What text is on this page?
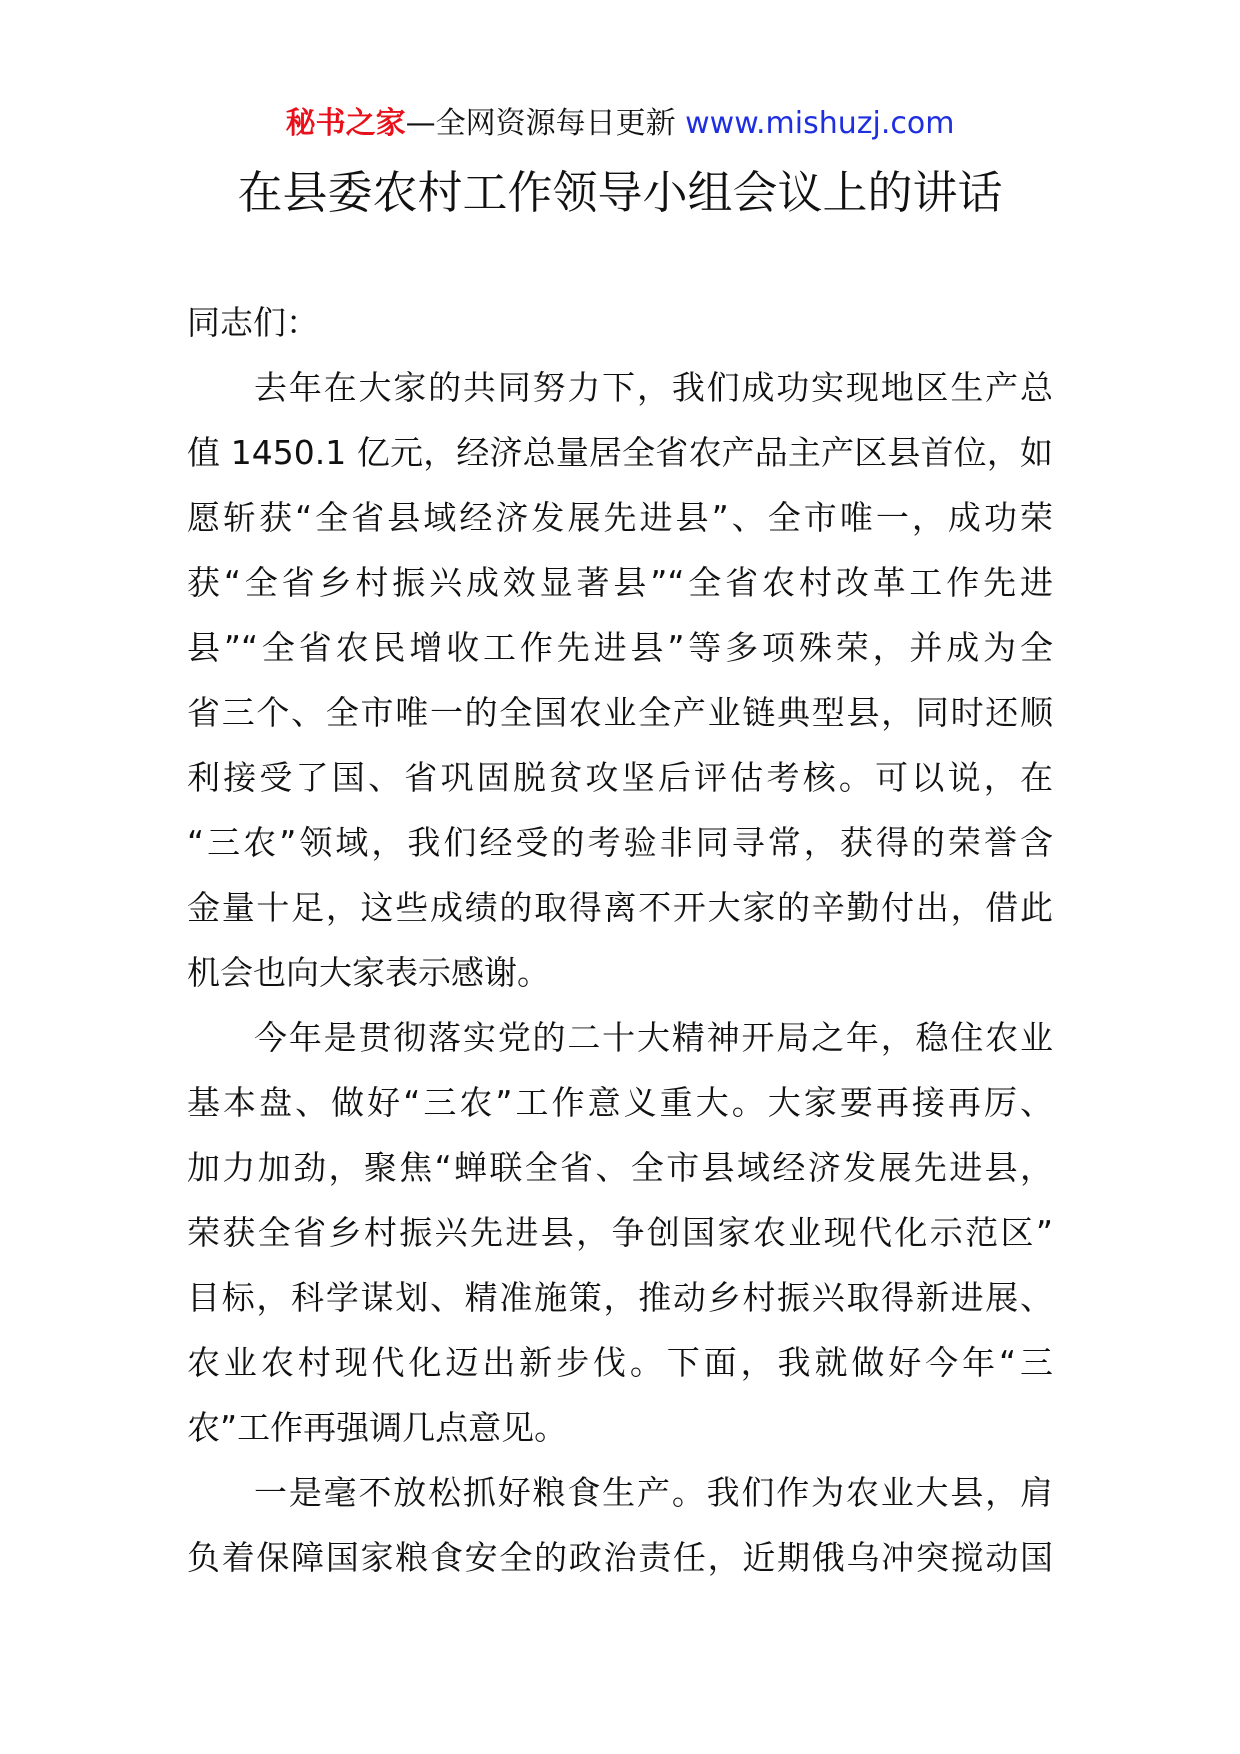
秘书之家—全网资源每日更新 www.mishuzj.com
在县委农村工作领导小组会议上的讲话
同志们：
去年在大家的共同努力下，我们成功实现地区生产总
值 1450.1 亿元，经济总量居全省农产品主产区县首位，如
愿斩获“全省县域经济发展先进县”、全市唯一，成功荣
获“全省乡村振兴成效显著县”“全省农村改革工作先进
县”“全省农民增收工作先进县”等多项殊荣，并成为全
省三个、全市唯一的全国农业全产业链典型县，同时还顺
利接受了国、省巩固脱贫攻坚后评估考核。可以说，在
“三农”领域，我们经受的考验非同寻常，获得的荣誉含
金量十足，这些成绩的取得离不开大家的辛勤付出，借此
机会也向大家表示感谢。
今年是贯彻落实党的二十大精神开局之年，稳住农业
基本盘、做好“三农”工作意义重大。大家要再接再厉、
加力加劲，聚焦“蝉联全省、全市县域经济发展先进县，
荣获全省乡村振兴先进县，争创国家农业现代化示范区”
目标，科学谋划、精准施策，推动乡村振兴取得新进展、
农业农村现代化迈出新步伐。下面，我就做好今年“三
农”工作再强调几点意见。
一是毫不放松抓好粮食生产。我们作为农业大县，肩
负着保障国家粮食安全的政治责任，近期俄乌冲突搅动国
